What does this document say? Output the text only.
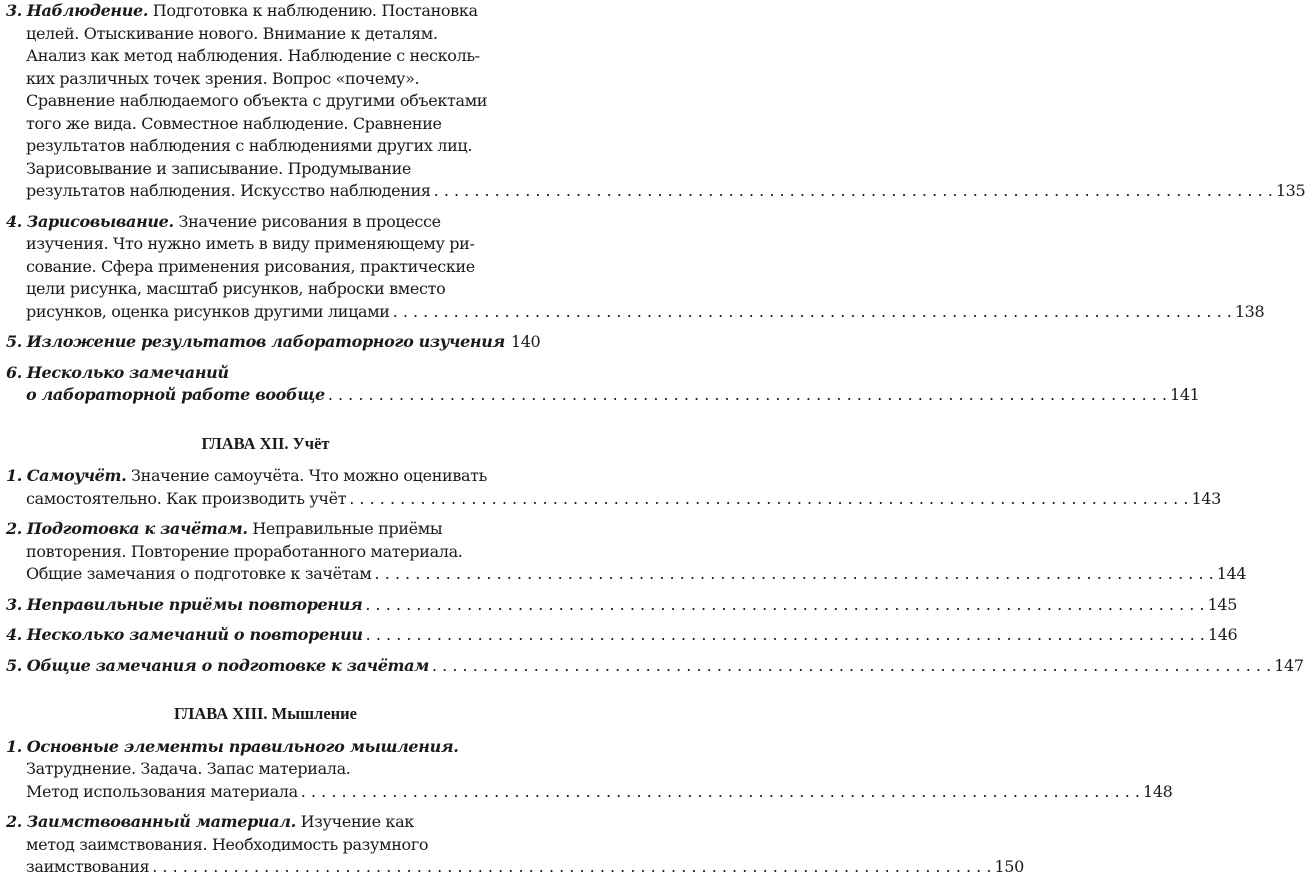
3. Наблюдение. Подготовка к наблюдению. Постановка
целей. Отыскивание нового. Внимание к деталям.
Анализ как метод наблюдения. Наблюдение с несколь-
ких различных точек зрения. Вопрос «почему».
Сравнение наблюдаемого объекта с другими объектами
того же вида. Совместное наблюдение. Сравнение
результатов наблюдения с наблюдениями других лиц.
Зарисовывание и записывание. Продумывание
результатов наблюдения. Искусство наблюдения . . .	135
4. Зарисовывание. Значение рисования в процессе
изучения. Что нужно иметь в виду применяющему ри-
сование. Сфера применения рисования, практические
цели рисунка, масштаб рисунков, наброски вместо
рисунков, оценка рисунков другими лицами . . .	138
5. Изложение результатов лабораторного изучения 140
6. Несколько замечаний
о лабораторной работе вообще . . .	141
ГЛАВА XII. Учёт
1. Самоучёт. Значение самоучёта. Что можно оценивать
самостоятельно. Как производить учёт . . .	143
2. Подготовка к зачётам. Неправильные приёмы
повторения. Повторение проработанного материала.
Общие замечания о подготовке к зачётам . . .	144
3. Неправильные приёмы повторения . . .	145
4. Несколько замечаний о повторении . . .	146
5. Общие замечания о подготовке к зачётам . . .	147
ГЛАВА XIII. Мышление
1. Основные элементы правильного мышления.
Затруднение. Задача. Запас материала.
Метод использования материала . . .	148
2. Заимствованный материал. Изучение как
метод заимствования. Необходимость разумного
заимствования . . .	150
